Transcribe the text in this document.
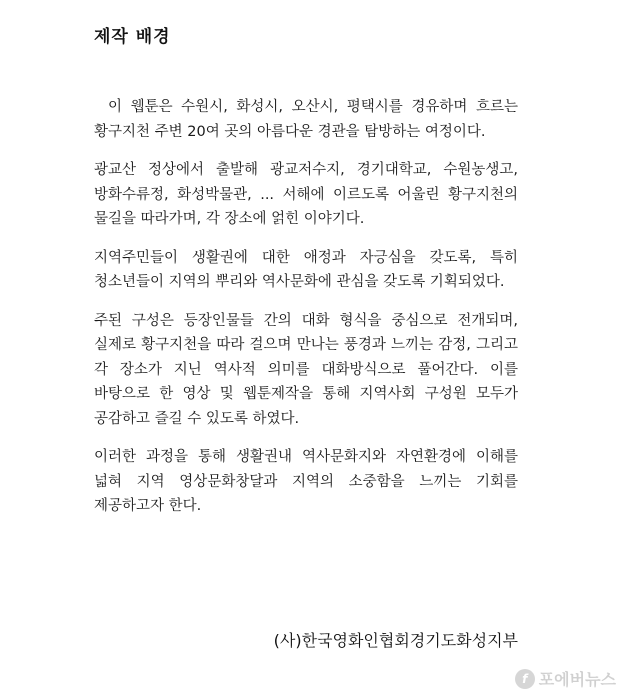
제작 배경

이 웹툰은 수원시, 화성시, 오산시, 평택시를 경유하며 흐르는 황구지천 주변 20여 곳의 아름다운 경관을 탐방하는 여정이다.

광교산 정상에서 출발해 광교저수지, 경기대학교, 수원농생고, 방화수류정, 화성박물관, ... 서해에 이르도록 어울린 황구지천의 물길을 따라가며, 각 장소에 얽힌 이야기다.

지역주민들이 생활권에 대한 애정과 자긍심을 갖도록, 특히 청소년들이 지역의 뿌리와 역사문화에 관심을 갖도록 기획되었다.

주된 구성은 등장인물들 간의 대화 형식을 중심으로 전개되며, 실제로 황구지천을 따라 걸으며 만나는 풍경과 느끼는 감정, 그리고 각 장소가 지닌 역사적 의미를 대화방식으로 풀어간다. 이를 바탕으로 한 영상 및 웹툰제작을 통해 지역사회 구성원 모두가 공감하고 즐길 수 있도록 하였다.

이러한 과정을 통해 생활권내 역사문화지와 자연환경에 이해를 넓혀 지역 영상문화창달과 지역의 소중함을 느끼는 기회를 제공하고자 한다.

(사)한국영화인협회경기도화성지부
f 포에버뉴스
